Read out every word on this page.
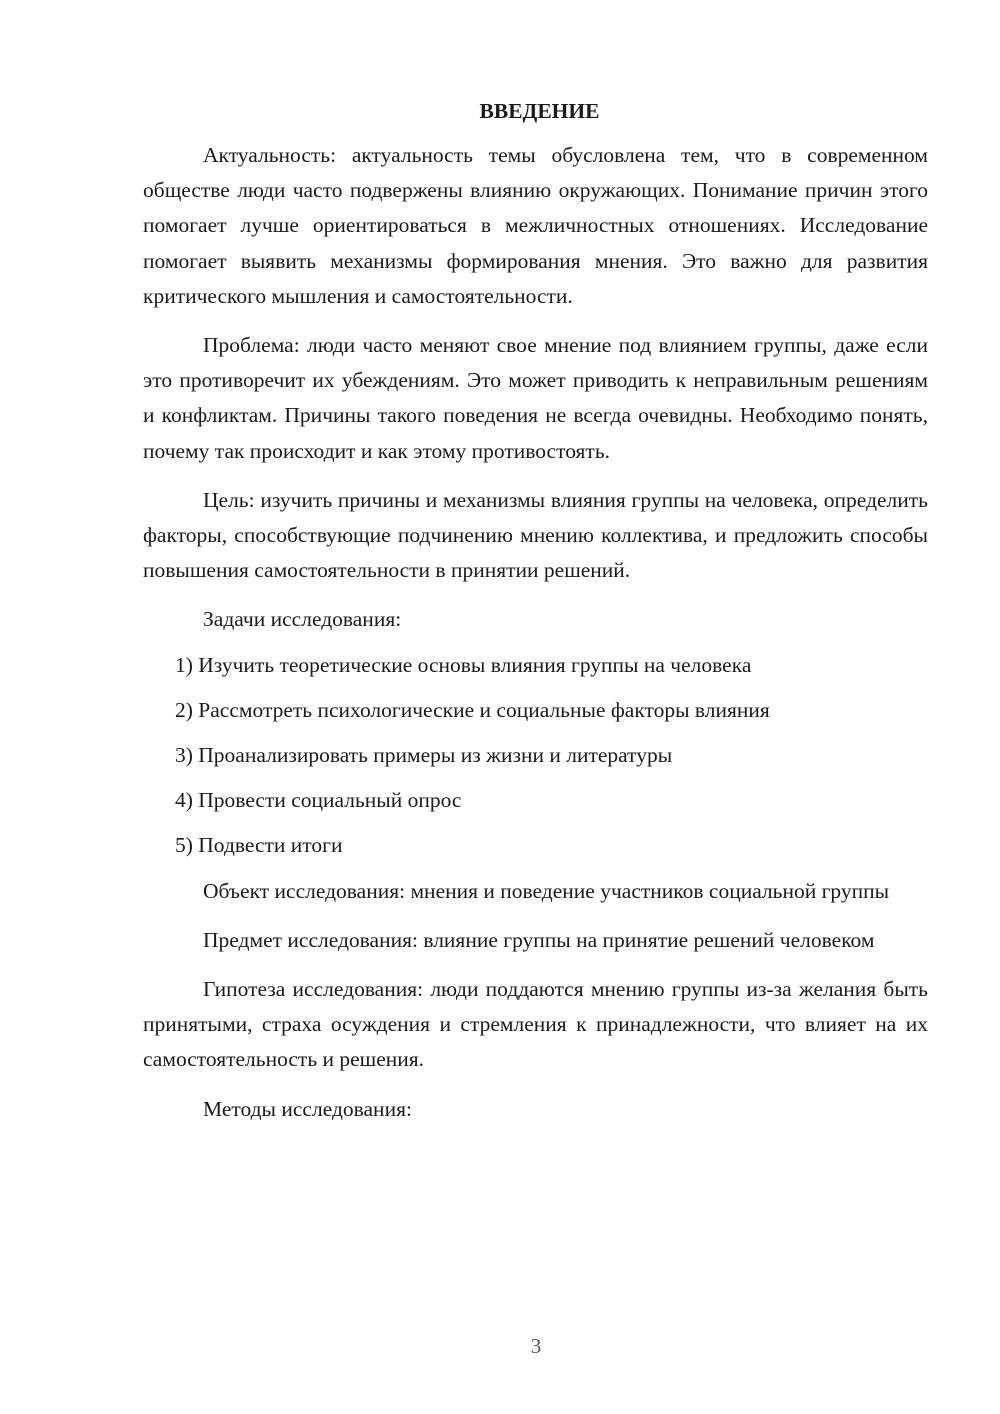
ВВЕДЕНИЕ

Актуальность: актуальность темы обусловлена тем, что в современном обществе люди часто подвержены влиянию окружающих. Понимание причин этого помогает лучше ориентироваться в межличностных отношениях. Исследование помогает выявить механизмы формирования мнения. Это важно для развития критического мышления и самостоятельности.

Проблема: люди часто меняют свое мнение под влиянием группы, даже если это противоречит их убеждениям. Это может приводить к неправильным решениям и конфликтам. Причины такого поведения не всегда очевидны. Необходимо понять, почему так происходит и как этому противостоять.

Цель: изучить причины и механизмы влияния группы на человека, определить факторы, способствующие подчинению мнению коллектива, и предложить способы повышения самостоятельности в принятии решений.

Задачи исследования:

1) Изучить теоретические основы влияния группы на человека

2) Рассмотреть психологические и социальные факторы влияния

3) Проанализировать примеры из жизни и литературы

4) Провести социальный опрос

5) Подвести итоги

Объект исследования: мнения и поведение участников социальной группы

Предмет исследования: влияние группы на принятие решений человеком

Гипотеза исследования: люди поддаются мнению группы из-за желания быть принятыми, страха осуждения и стремления к принадлежности, что влияет на их самостоятельность и решения.

Методы исследования:

3
